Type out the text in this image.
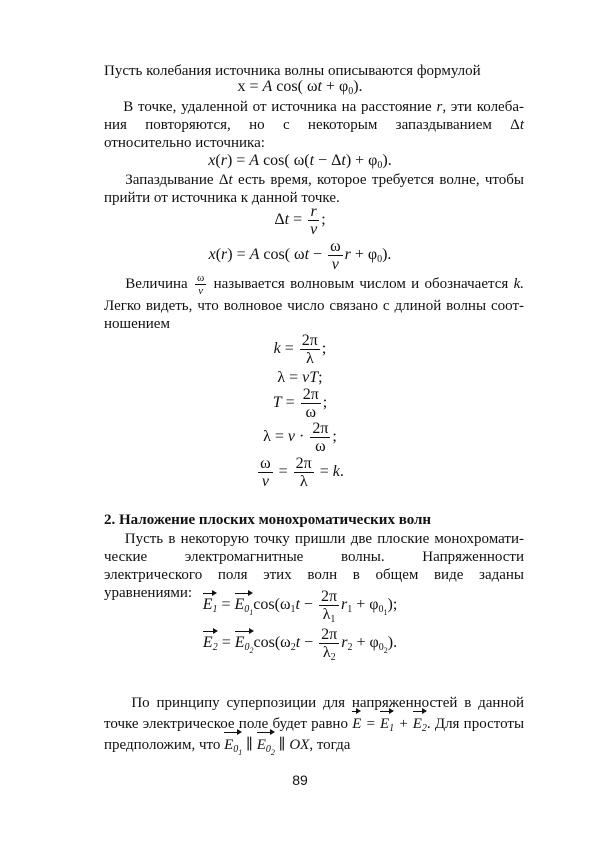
Пусть колебания источника волны описываются формулой
x = A cos( $\omega t + \varphi_0$).
В точке, удаленной от источника на расстояние r, эти колеба-ния повторяются, но с некоторым запаздыванием Δt относительно источника:
x(r) = A cos( $\omega(t - \Delta t) + \varphi_0$).
Запаздывание Δt есть время, которое требуется волне, чтобы прийти от источника к данной точке.
$\Delta t = \frac{r}{v}$ ;
x(r) = A cos( $\omega t - \frac{\omega}{v}$ $r + \varphi_0$).
Величина $\frac{\omega}{v}$ называется волновым числом и обозначается k. Легко видеть, что волновое число связано с длиной волны соот-ношением
$k = \frac{2\pi}{\lambda}$ ;
λ = vT;
$T = \frac{2\pi}{\omega}$ ;
$\lambda = v \cdot \frac{2\pi}{\omega}$ ;
$\frac{\omega}{v} = \frac{2\pi}{\lambda} = k$.
2. Наложение плоских монохроматических волн
Пусть в некоторую точку пришли две плоские монохромати-ческие электромагнитные волны. Напряженности электрического поля этих волн в общем виде заданы уравнениями:
$E_1 = E_{0_1}\cos(\omega_1t - \frac{2\pi}{\lambda_1} r_1 + \varphi_{0_1})$;
$E_2 = E_{0_2}\cos(\omega_2t - \frac{2\pi}{\lambda_2} r_2 + \varphi_{0_2})$.
По принципу суперпозиции для напряженностей в данной точке электрическое поле будет равно $E = E_1 + E_2$. Для простоты предположим, что $E_{0_1}$ ∥ $E_{0_2}$ ∥ OX, тогда
89
